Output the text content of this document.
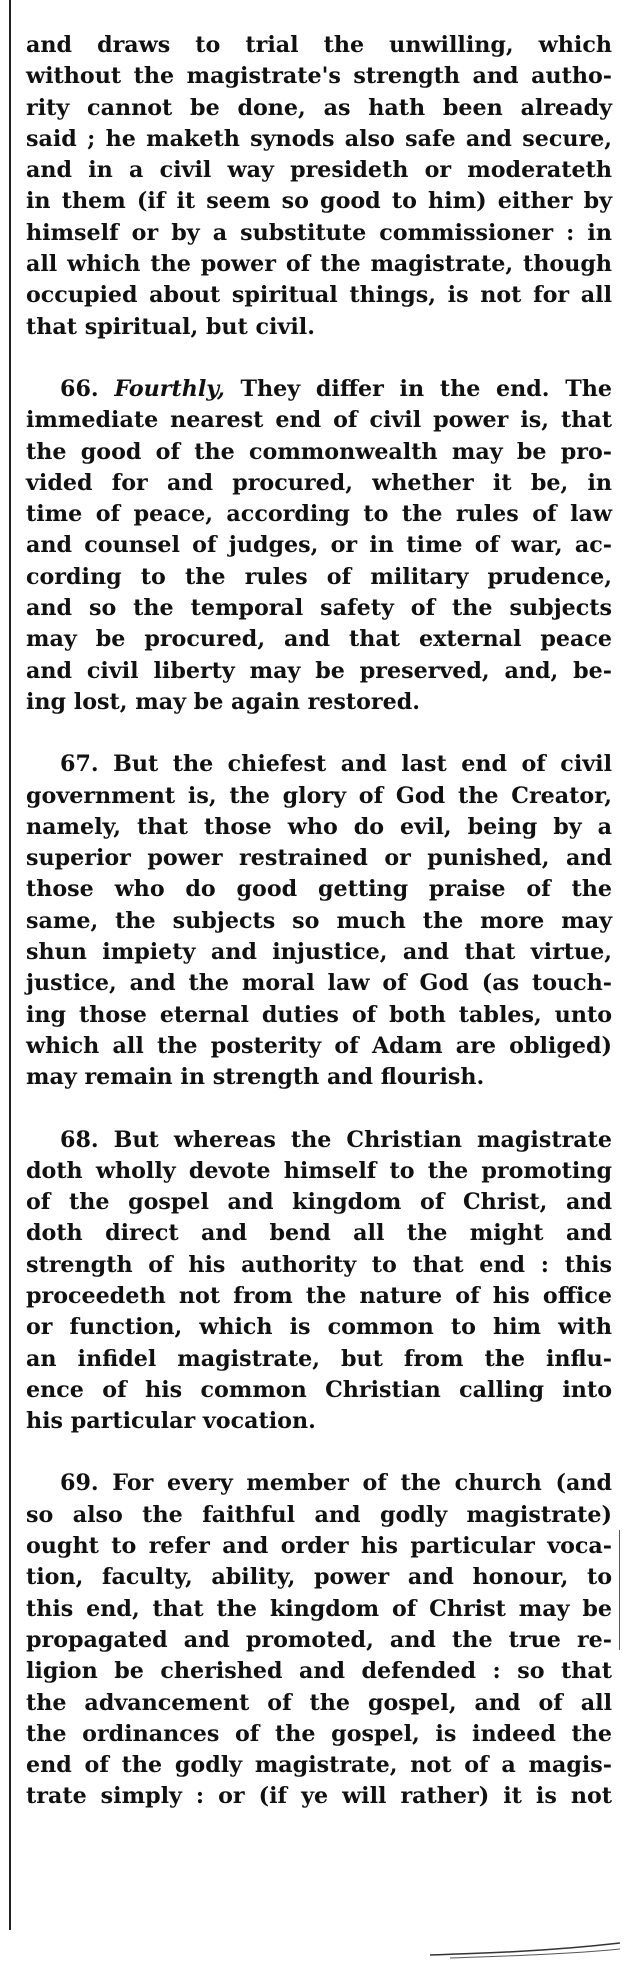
and draws to trial the unwilling, which
without the magistrate's strength and autho-
rity cannot be done, as hath been already
said ; he maketh synods also safe and secure,
and in a civil way presideth or moderateth
in them (if it seem so good to him) either by
himself or by a substitute commissioner : in
all which the power of the magistrate, though
occupied about spiritual things, is not for all
that spiritual, but civil.
66. Fourthly, They differ in the end. The
immediate nearest end of civil power is, that
the good of the commonwealth may be pro-
vided for and procured, whether it be, in
time of peace, according to the rules of law
and counsel of judges, or in time of war, ac-
cording to the rules of military prudence,
and so the temporal safety of the subjects
may be procured, and that external peace
and civil liberty may be preserved, and, be-
ing lost, may be again restored.
67. But the chiefest and last end of civil
government is, the glory of God the Creator,
namely, that those who do evil, being by a
superior power restrained or punished, and
those who do good getting praise of the
same, the subjects so much the more may
shun impiety and injustice, and that virtue,
justice, and the moral law of God (as touch-
ing those eternal duties of both tables, unto
which all the posterity of Adam are obliged)
may remain in strength and flourish.
68. But whereas the Christian magistrate
doth wholly devote himself to the promoting
of the gospel and kingdom of Christ, and
doth direct and bend all the might and
strength of his authority to that end : this
proceedeth not from the nature of his office
or function, which is common to him with
an infidel magistrate, but from the influ-
ence of his common Christian calling into
his particular vocation.
69. For every member of the church (and
so also the faithful and godly magistrate)
ought to refer and order his particular voca-
tion, faculty, ability, power and honour, to
this end, that the kingdom of Christ may be
propagated and promoted, and the true re-
ligion be cherished and defended : so that
the advancement of the gospel, and of all
the ordinances of the gospel, is indeed the
end of the godly magistrate, not of a magis-
trate simply : or (if ye will rather) it is not
